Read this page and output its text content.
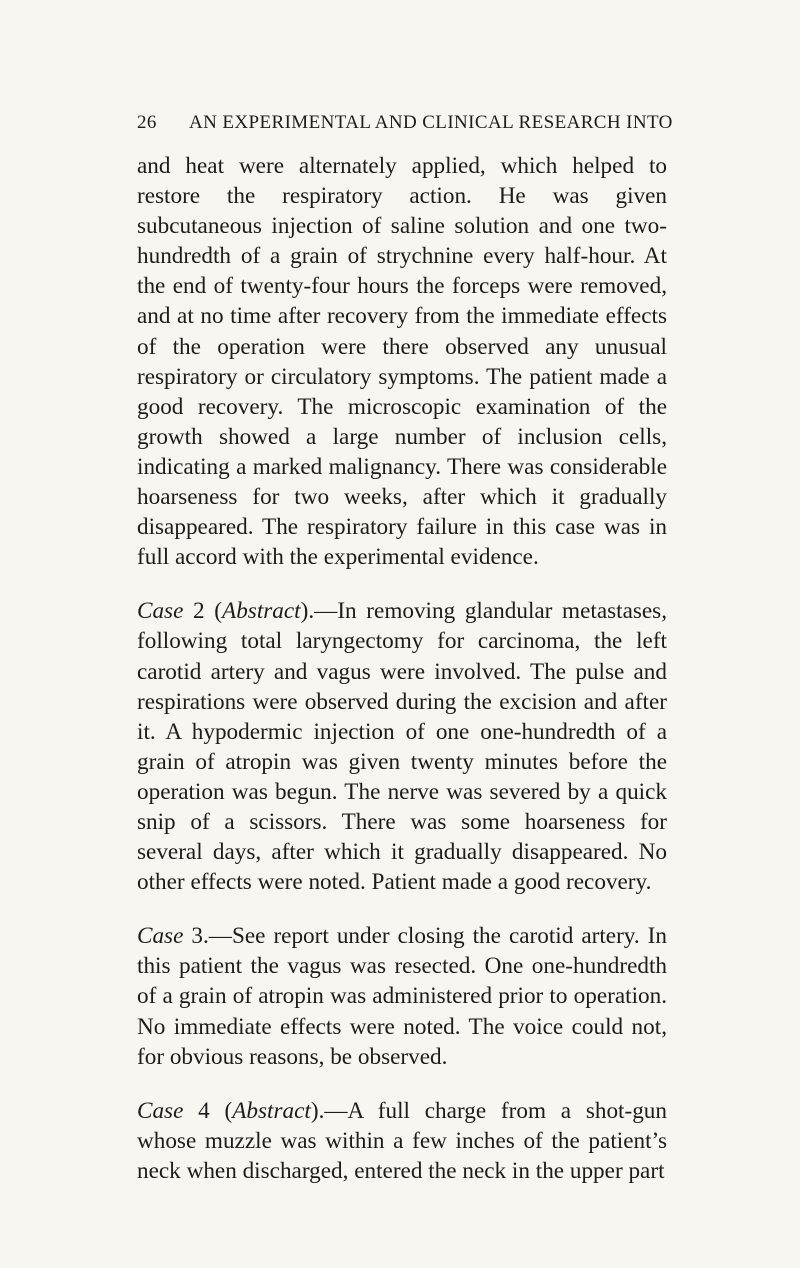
26 AN EXPERIMENTAL AND CLINICAL RESEARCH INTO

and heat were alternately applied, which helped to restore the respiratory action. He was given subcutaneous injection of saline solution and one two-hundredth of a grain of strychnine every half-hour. At the end of twenty-four hours the forceps were removed, and at no time after recovery from the immediate effects of the operation were there observed any unusual respiratory or circulatory symptoms. The patient made a good recovery. The microscopic examination of the growth showed a large number of inclusion cells, indicating a marked malignancy. There was considerable hoarseness for two weeks, after which it gradually disappeared. The respiratory failure in this case was in full accord with the experimental evidence.

Case 2 (Abstract).—In removing glandular metastases, following total laryngectomy for carcinoma, the left carotid artery and vagus were involved. The pulse and respirations were observed during the excision and after it. A hypodermic injection of one one-hundredth of a grain of atropin was given twenty minutes before the operation was begun. The nerve was severed by a quick snip of a scissors. There was some hoarseness for several days, after which it gradually disappeared. No other effects were noted. Patient made a good recovery.

Case 3.—See report under closing the carotid artery. In this patient the vagus was resected. One one-hundredth of a grain of atropin was administered prior to operation. No immediate effects were noted. The voice could not, for obvious reasons, be observed.

Case 4 (Abstract).—A full charge from a shot-gun whose muzzle was within a few inches of the patient’s neck when discharged, entered the neck in the upper part
